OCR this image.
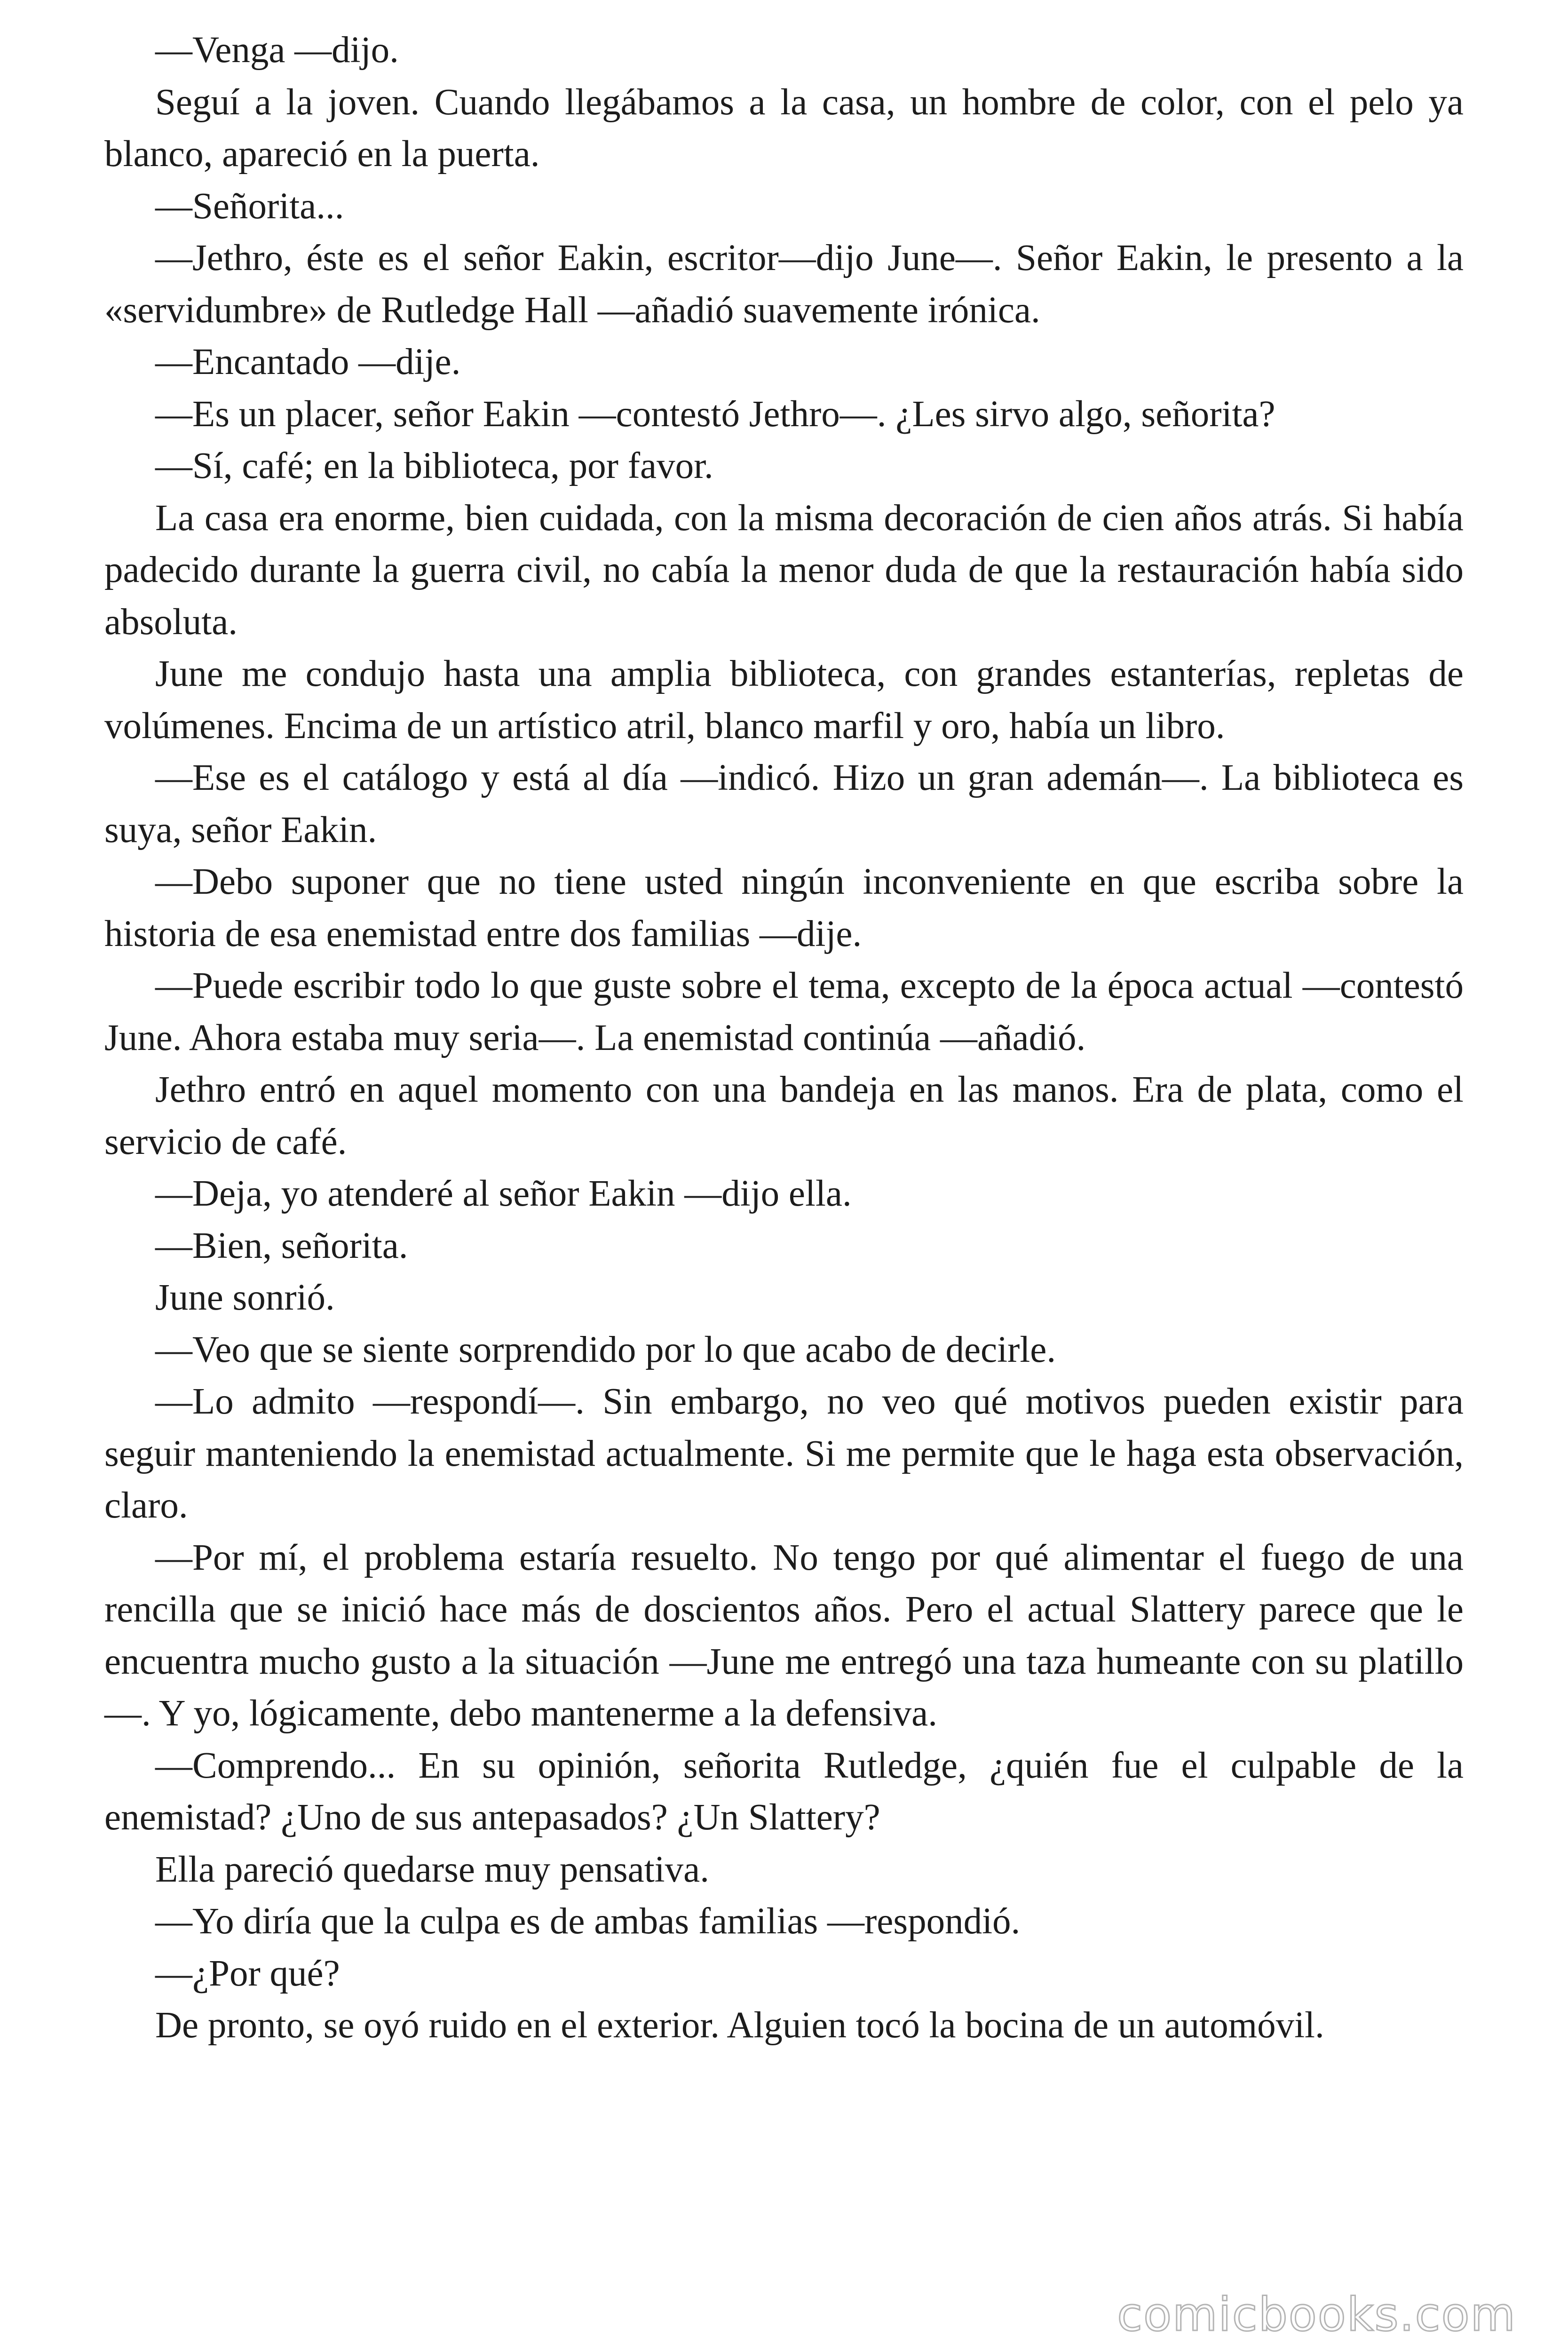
—Venga —dijo.

Seguí a la joven. Cuando llegábamos a la casa, un hombre de color, con el pelo ya blanco, apareció en la puerta.

—Señorita...

—Jethro, éste es el señor Eakin, escritor—dijo June—. Señor Eakin, le presento a la «servidumbre» de Rutledge Hall —añadió suavemente irónica.

—Encantado —dije.

—Es un placer, señor Eakin —contestó Jethro—. ¿Les sirvo algo, señorita?

—Sí, café; en la biblioteca, por favor.

La casa era enorme, bien cuidada, con la misma decoración de cien años atrás. Si había padecido durante la guerra civil, no cabía la menor duda de que la restauración había sido absoluta.

June me condujo hasta una amplia biblioteca, con grandes estanterías, repletas de volúmenes. Encima de un artístico atril, blanco marfil y oro, había un libro.

—Ese es el catálogo y está al día —indicó. Hizo un gran ademán—. La biblioteca es suya, señor Eakin.

—Debo suponer que no tiene usted ningún inconveniente en que escriba sobre la historia de esa enemistad entre dos familias —dije.

—Puede escribir todo lo que guste sobre el tema, excepto de la época actual —contestó June. Ahora estaba muy seria—. La enemistad continúa —añadió.

Jethro entró en aquel momento con una bandeja en las manos. Era de plata, como el servicio de café.

—Deja, yo atenderé al señor Eakin —dijo ella.

—Bien, señorita.

June sonrió.

—Veo que se siente sorprendido por lo que acabo de decirle.

—Lo admito —respondí—. Sin embargo, no veo qué motivos pueden existir para seguir manteniendo la enemistad actualmente. Si me permite que le haga esta observación, claro.

—Por mí, el problema estaría resuelto. No tengo por qué alimentar el fuego de una rencilla que se inició hace más de doscientos años. Pero el actual Slattery parece que le encuentra mucho gusto a la situación —June me entregó una taza humeante con su platillo—. Y yo, lógicamente, debo mantenerme a la defensiva.

—Comprendo... En su opinión, señorita Rutledge, ¿quién fue el culpable de la enemistad? ¿Uno de sus antepasados? ¿Un Slattery?

Ella pareció quedarse muy pensativa.

—Yo diría que la culpa es de ambas familias —respondió.

—¿Por qué?

De pronto, se oyó ruido en el exterior. Alguien tocó la bocina de un automóvil.

comicbooks.com
